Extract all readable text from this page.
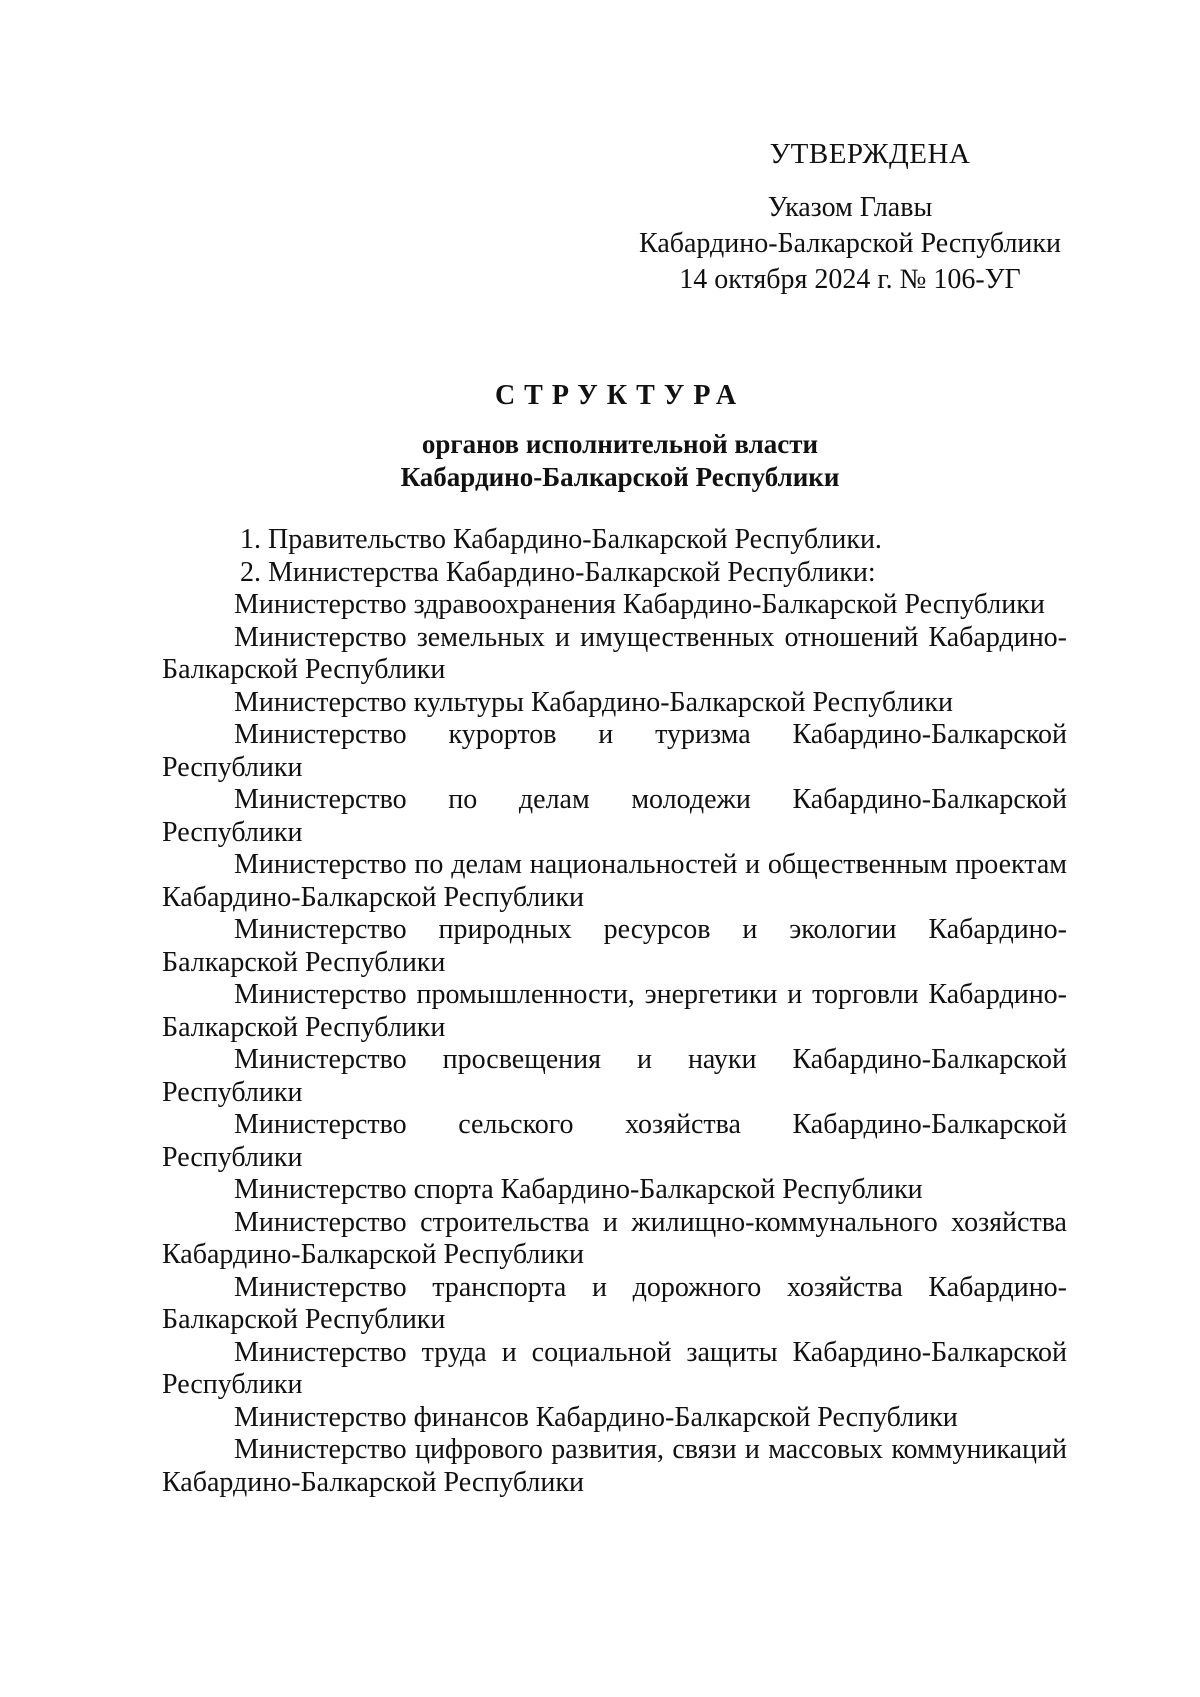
УТВЕРЖДЕНА
Указом Главы
Кабардино-Балкарской Республики
14 октября 2024 г. № 106-УГ
СТРУКТУРА
органов исполнительной власти
Кабардино-Балкарской Республики

1. Правительство Кабардино-Балкарской Республики.

2. Министерства Кабардино-Балкарской Республики:

Министерство здравоохранения Кабардино-Балкарской Республики

Министерство земельных и имущественных отношений Кабардино-Балкарской Республики

Министерство культуры Кабардино-Балкарской Республики

Министерство курортов и туризма Кабардино-Балкарской Республики

Министерство по делам молодежи Кабардино-Балкарской Республики

Министерство по делам национальностей и общественным проектам Кабардино-Балкарской Республики

Министерство природных ресурсов и экологии Кабардино-Балкарской Республики

Министерство промышленности, энергетики и торговли Кабардино-Балкарской Республики

Министерство просвещения и науки Кабардино-Балкарской Республики

Министерство сельского хозяйства Кабардино-Балкарской Республики

Министерство спорта Кабардино-Балкарской Республики

Министерство строительства и жилищно-коммунального хозяйства Кабардино-Балкарской Республики

Министерство транспорта и дорожного хозяйства Кабардино-Балкарской Республики

Министерство труда и социальной защиты Кабардино-Балкарской Республики

Министерство финансов Кабардино-Балкарской Республики

Министерство цифрового развития, связи и массовых коммуникаций Кабардино-Балкарской Республики
